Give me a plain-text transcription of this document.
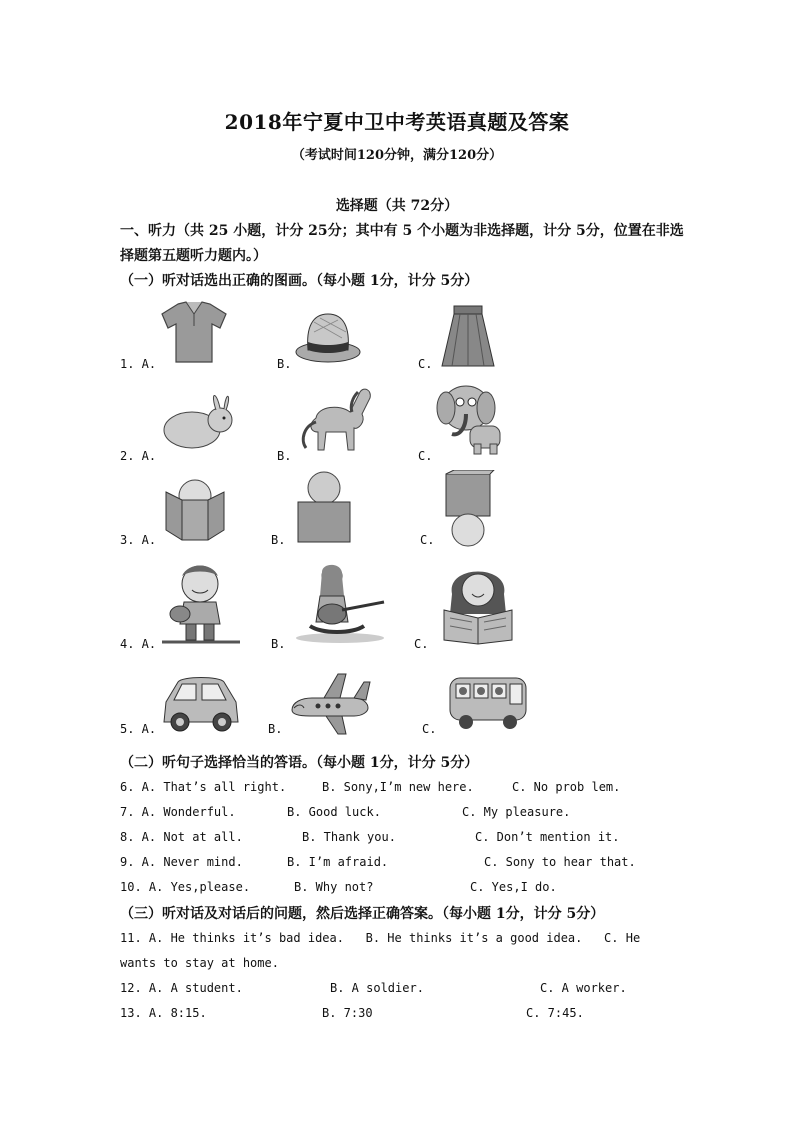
2018年宁夏中卫中考英语真题及答案
（考试时间120分钟，满分120分）
选择题（共 72分）
一、听力（共 25 小题，计分 25分；其中有 5 个小题为非选择题，计分 5分，位置在非选
择题第五题听力题内。）
（一）听对话选出正确的图画。（每小题 1分，计分 5分）
1. A.	B.	C.
2. A.	B.	C.
3. A.	B.	C.
4. A.	B.	C.
5. A.	B.	C.
（二）听句子选择恰当的答语。（每小题 1分，计分 5分）
6. A. That’s all right.	B. Sony,I’m new here.	C. No prob lem.
7. A. Wonderful.	B. Good luck.	C. My pleasure.
8. A. Not at all.	B. Thank you.	C. Don’t mention it.
9. A. Never mind.	B. I’m afraid.	C. Sony to hear that.
10. A. Yes,please.	B. Why not?	C. Yes,I do.
（三）听对话及对话后的问题，然后选择正确答案。（每小题 1分，计分 5分）
11. A. He thinks it’s bad idea.   B. He thinks it’s a good idea.   C. He
wants to stay at home.
12. A. A student.	B. A soldier.	C. A worker.
13. A. 8:15.	B. 7:30	C. 7:45.
